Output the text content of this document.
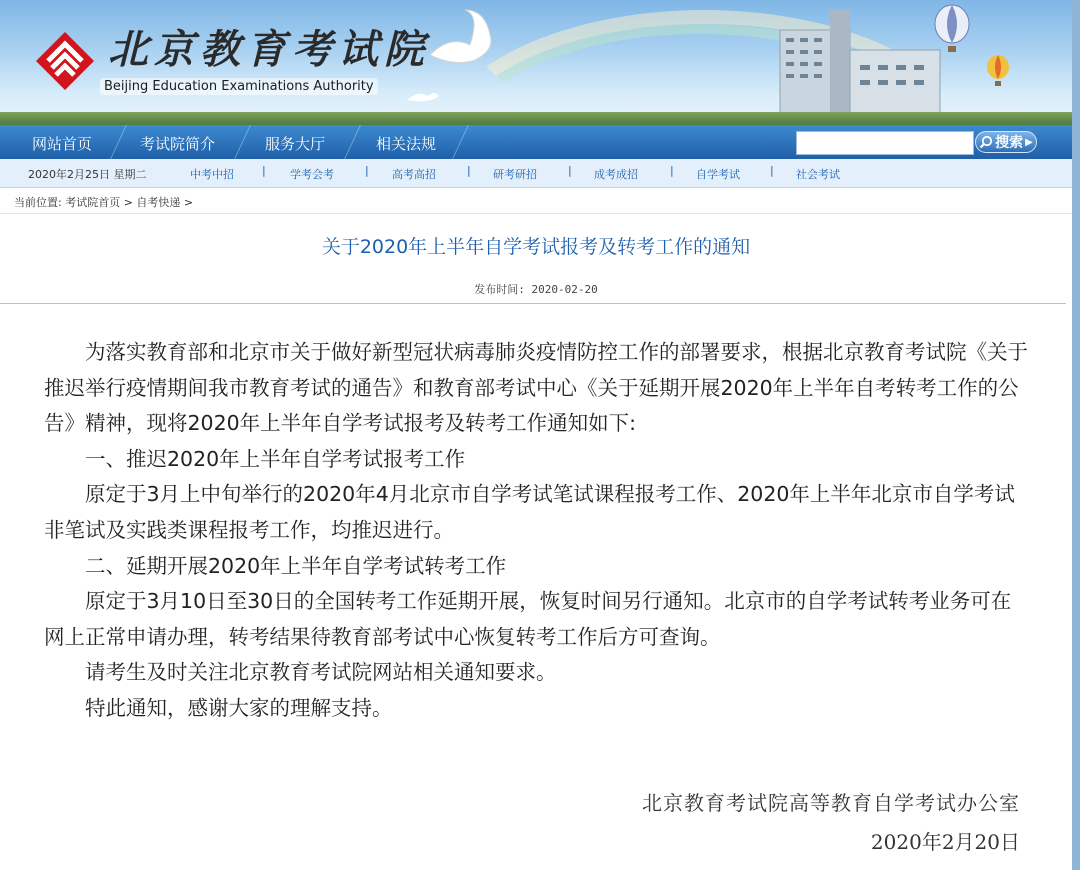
北京教育考试院
Beijing Education Examinations Authority
网站首页	考试院简介	服务大厅	相关法规	搜索 ▶
2020年2月25日 星期二	中考中招	| 学考会考	| 高考高招	| 研考研招	| 成考成招	| 自学考试	| 社会考试
当前位置: 考试院首页 > 自考快递 >
关于2020年上半年自学考试报考及转考工作的通知
发布时间: 2020-02-20

为落实教育部和北京市关于做好新型冠状病毒肺炎疫情防控工作的部署要求，根据北京教育考试院《关于推迟举行疫情期间我市教育考试的通告》和教育部考试中心《关于延期开展2020年上半年自考转考工作的公告》精神，现将2020年上半年自学考试报考及转考工作通知如下:

一、推迟2020年上半年自学考试报考工作

原定于3月上中旬举行的2020年4月北京市自学考试笔试课程报考工作、2020年上半年北京市自学考试非笔试及实践类课程报考工作，均推迟进行。

二、延期开展2020年上半年自学考试转考工作

原定于3月10日至30日的全国转考工作延期开展，恢复时间另行通知。北京市的自学考试转考业务可在网上正常申请办理，转考结果待教育部考试中心恢复转考工作后方可查询。

请考生及时关注北京教育考试院网站相关通知要求。

特此通知，感谢大家的理解支持。

北京教育考试院高等教育自学考试办公室
2020年2月20日
